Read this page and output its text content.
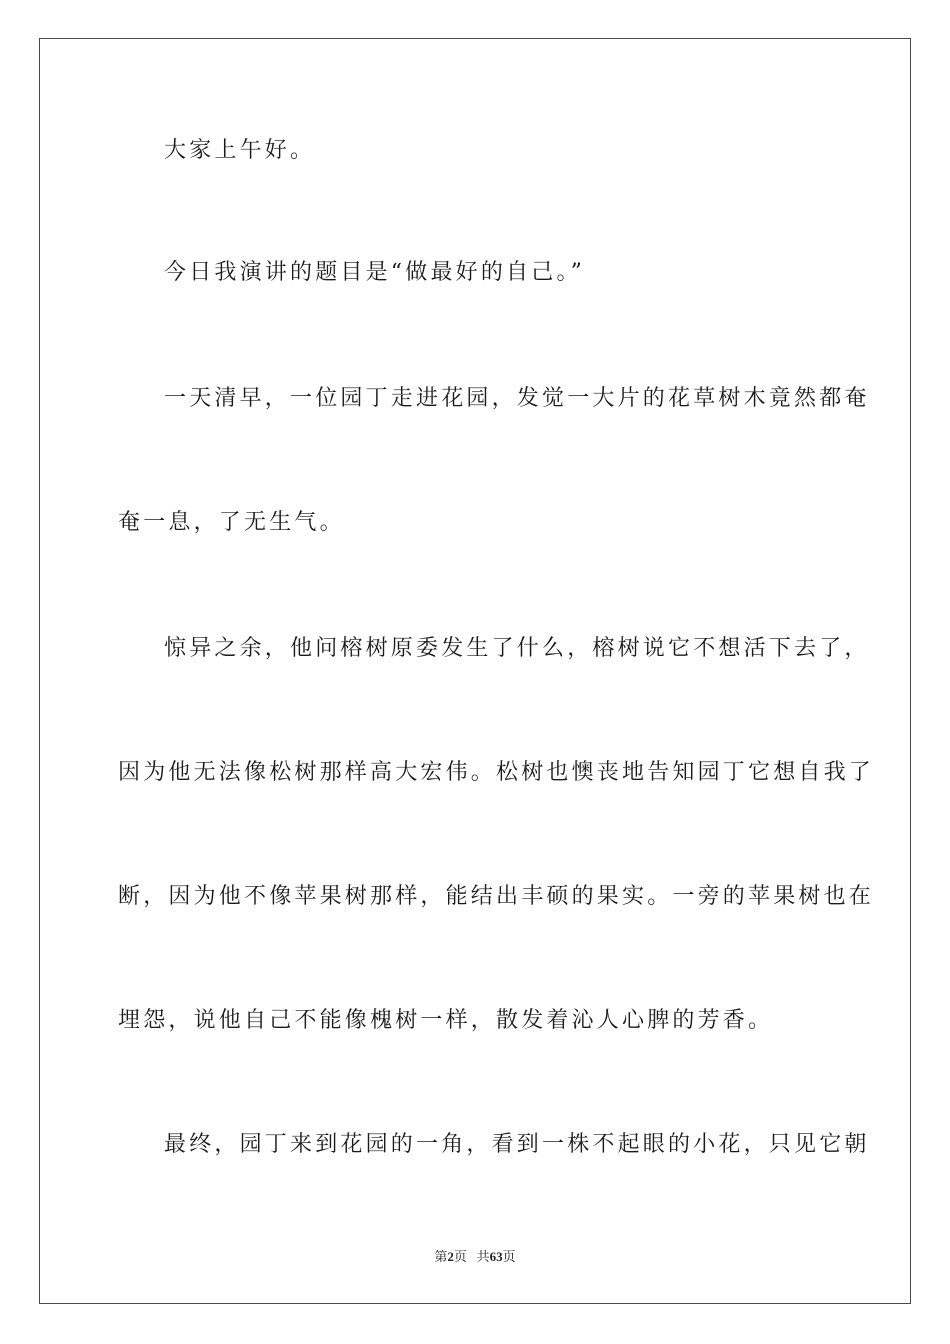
大家上午好。
今日我演讲的题目是“做最好的自己。”
一天清早，一位园丁走进花园，发觉一大片的花草树木竟然都奄
奄一息，了无生气。
惊异之余，他问榕树原委发生了什么，榕树说它不想活下去了，
因为他无法像松树那样高大宏伟。松树也懊丧地告知园丁它想自我了
断，因为他不像苹果树那样，能结出丰硕的果实。一旁的苹果树也在
埋怨，说他自己不能像槐树一样，散发着沁人心脾的芳香。
最终，园丁来到花园的一角，看到一株不起眼的小花，只见它朝
第2页 共63页
